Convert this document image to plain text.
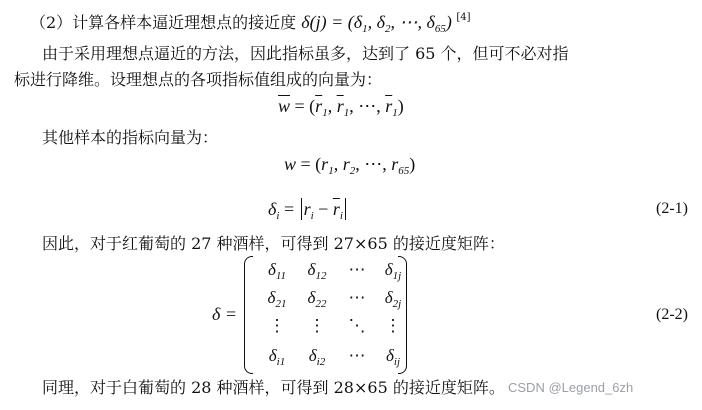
（2）计算各样本逼近理想点的接近度 $\delta(j) = (\delta_1$, $\delta_2$, ⋯, $\delta_{65}$) [4]
由于采用理想点逼近的方法，因此指标虽多，达到了 65 个，但可不必对指
标进行降维。设理想点的各项指标值组成的向量为：
$\overline{w} = (\overline{r}_1$, $\overline{r}_1$, ⋯, $\overline{r}_1$)
其他样本的指标向量为：
$w = (r_1$, $r_2$, ⋯, $r_{65}$)
$\delta_i = r_i - \overline{r}_i$	(2-1)
因此，对于红葡萄的 27 种酒样，可得到 27×65 的接近度矩阵：
δ =
$\delta_{11}$	$\delta_{12}$	⋯	$\delta_{1j}$
$\delta_{21}$	$\delta_{22}$	⋯	$\delta_{2j}$
⋮	⋮	⋱	⋮
$\delta_{i1}$	$\delta_{i2}$	⋯	$\delta_{ij}$
(2-2)
同理，对于白葡萄的 28 种酒样，可得到 28×65 的接近度矩阵。 CSDN @Legend_6zh
